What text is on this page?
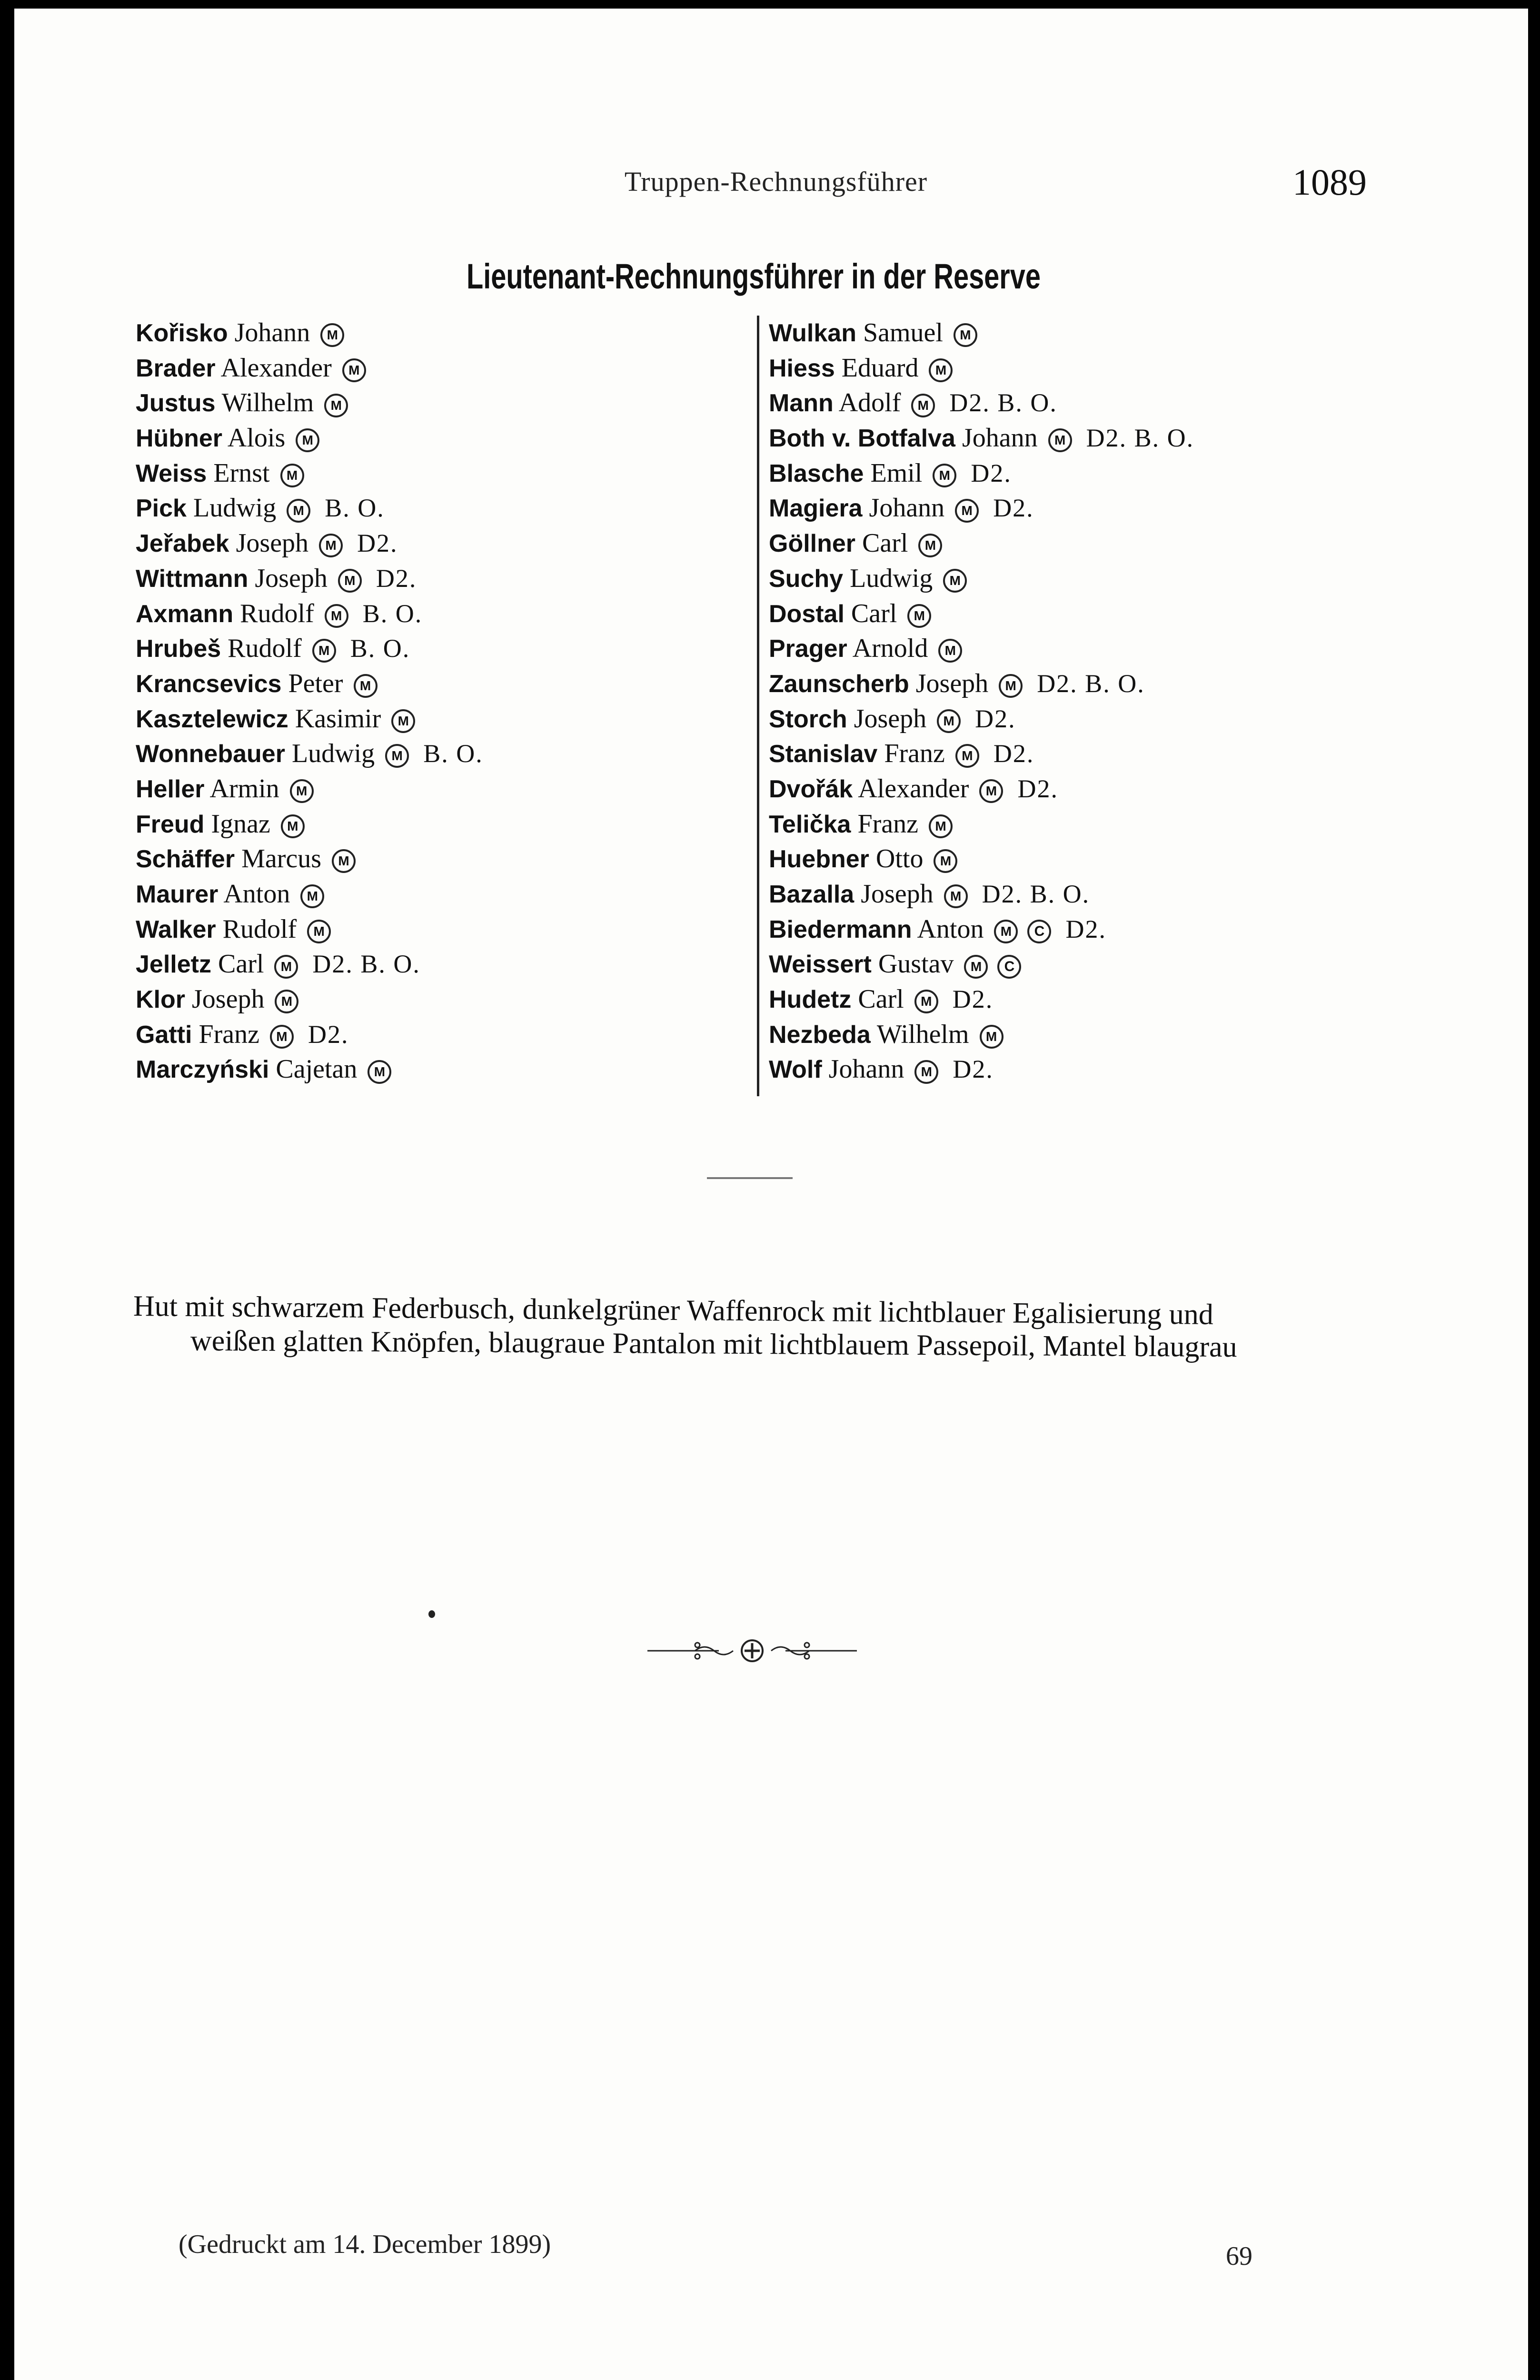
Truppen-Rechnungsführer	1089
Lieutenant-Rechnungsführer in der Reserve
Kořisko Johann M
Brader Alexander M
Justus Wilhelm M
Hübner Alois M
Weiss Ernst M
Pick Ludwig M B. O.
Jeřabek Joseph M D2.
Wittmann Joseph M D2.
Axmann Rudolf M B. O.
Hrubeš Rudolf M B. O.
Krancsevics Peter M
Kasztelewicz Kasimir M
Wonnebauer Ludwig M B. O.
Heller Armin M
Freud Ignaz M
Schäffer Marcus M
Maurer Anton M
Walker Rudolf M
Jelletz Carl M D2. B. O.
Klor Joseph M
Gatti Franz M D2.
Marczyński Cajetan M
Wulkan Samuel M
Hiess Eduard M
Mann Adolf M D2. B. O.
Both v. Botfalva Johann M D2. B. O.
Blasche Emil M D2.
Magiera Johann M D2.
Göllner Carl M
Suchy Ludwig M
Dostal Carl M
Prager Arnold M
Zaunscherb Joseph M D2. B. O.
Storch Joseph M D2.
Stanislav Franz M D2.
Dvořák Alexander M D2.
Telička Franz M
Huebner Otto M
Bazalla Joseph M D2. B. O.
Biedermann Anton M C D2.
Weissert Gustav M C
Hudetz Carl M D2.
Nezbeda Wilhelm M
Wolf Johann M D2.
Hut mit schwarzem Federbusch, dunkelgrüner Waffenrock mit lichtblauer Egalisierung und
weißen glatten Knöpfen, blaugraue Pantalon mit lichtblauem Passepoil, Mantel blaugrau
(Gedruckt am 14. December 1899)	69
